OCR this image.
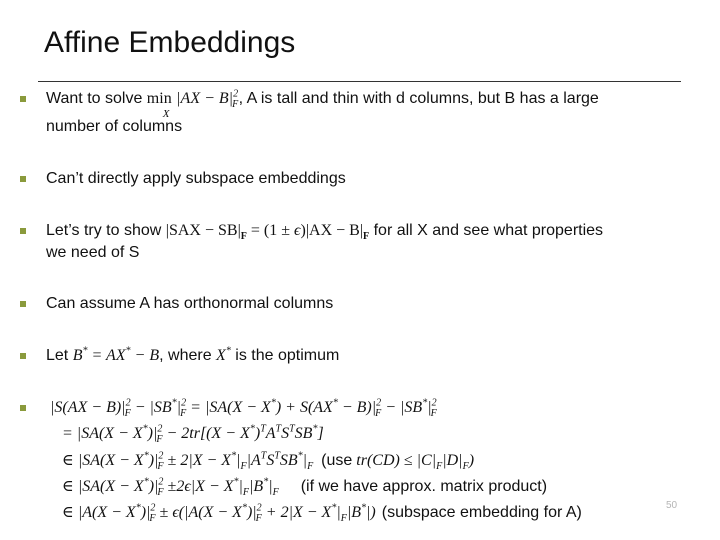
Affine Embeddings
Want to solve min
X
$|AX - B|^2_F$ , A is tall and thin with d columns, but B has a large
number of columns
Can’t directly apply subspace embeddings
Let’s try to show $|SAX - SB|_F = (1 \pm \epsilon)|AX - B|_F$ for all X and see what properties
we need of S
Can assume A has orthonormal columns
Let B* = AX* − B, where X* is the optimum
$|S(AX - B)|^2_F - |SB^*|^2_F = |SA(X - X^*) + S(AX^* - B)|^2_F - |SB^*|^2_F$
= $|SA(X - X^*)|^2_F - 2tr[(X - X^*)^TA^TS^TSB^*]$
∈ $|SA(X - X^*)|^2_F \pm 2|X - X^*|_F|A^TS^TSB^*|_F$ (use $tr(CD) \le |C|_F|D|_F$)
∈ $|SA(X - X^*)|^2_F \pm 2\epsilon|X - X^*|_F|B^*|_F$ (if we have approx. matrix product)
∈ $|A(X - X^*)|^2_F \pm \epsilon(|A(X - X^*)|^2_F + 2|X - X^*|_F|B^*|)$ (subspace embedding for A)	50
